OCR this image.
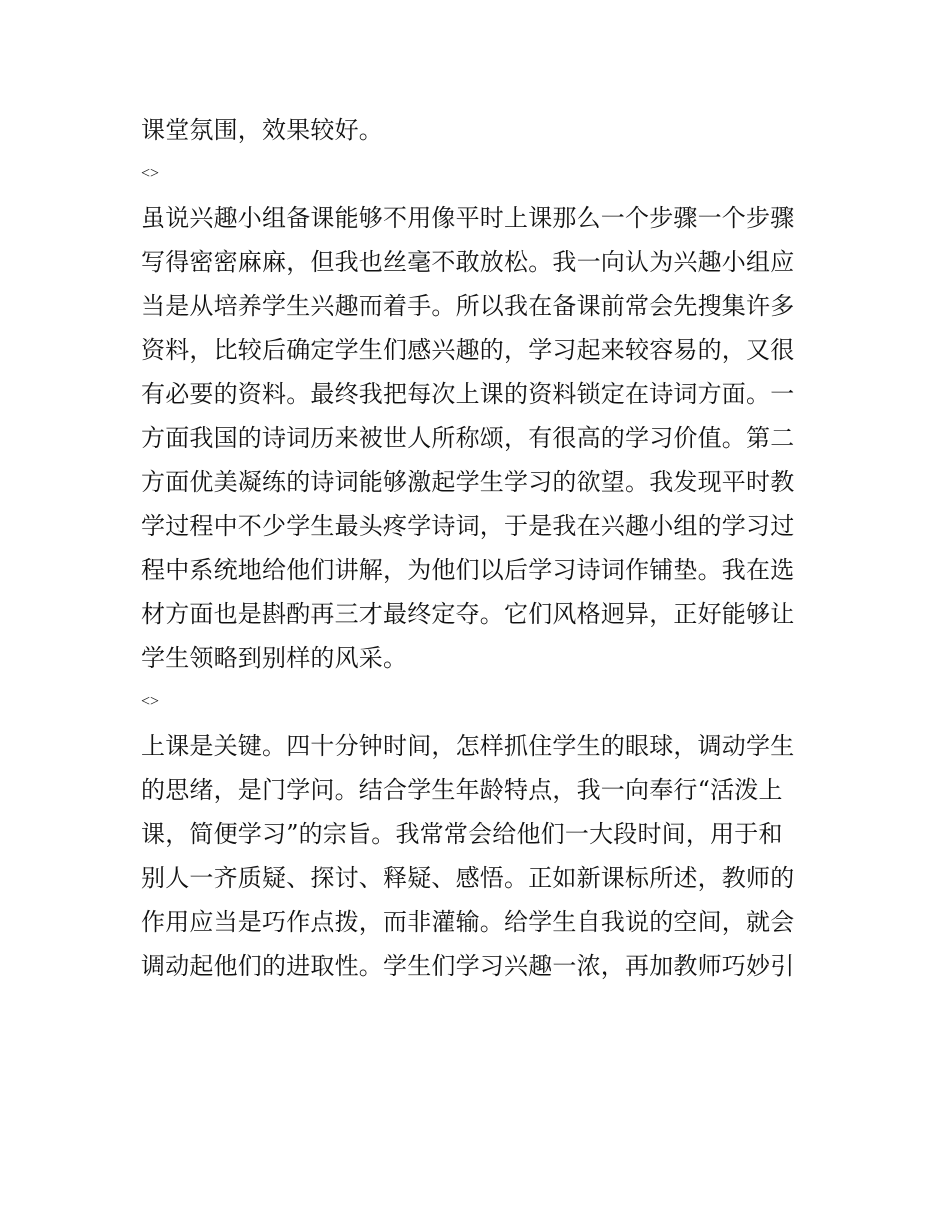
课堂氛围，效果较好。
<>
虽说兴趣小组备课能够不用像平时上课那么一个步骤一个步骤
写得密密麻麻，但我也丝毫不敢放松。我一向认为兴趣小组应
当是从培养学生兴趣而着手。所以我在备课前常会先搜集许多
资料，比较后确定学生们感兴趣的，学习起来较容易的，又很
有必要的资料。最终我把每次上课的资料锁定在诗词方面。一
方面我国的诗词历来被世人所称颂，有很高的学习价值。第二
方面优美凝练的诗词能够激起学生学习的欲望。我发现平时教
学过程中不少学生最头疼学诗词，于是我在兴趣小组的学习过
程中系统地给他们讲解，为他们以后学习诗词作铺垫。我在选
材方面也是斟酌再三才最终定夺。它们风格迥异，正好能够让
学生领略到别样的风采。
<>
上课是关键。四十分钟时间，怎样抓住学生的眼球，调动学生
的思绪，是门学问。结合学生年龄特点，我一向奉行“活泼上
课，简便学习”的宗旨。我常常会给他们一大段时间，用于和
别人一齐质疑、探讨、释疑、感悟。正如新课标所述，教师的
作用应当是巧作点拨，而非灌输。给学生自我说的空间，就会
调动起他们的进取性。学生们学习兴趣一浓，再加教师巧妙引
